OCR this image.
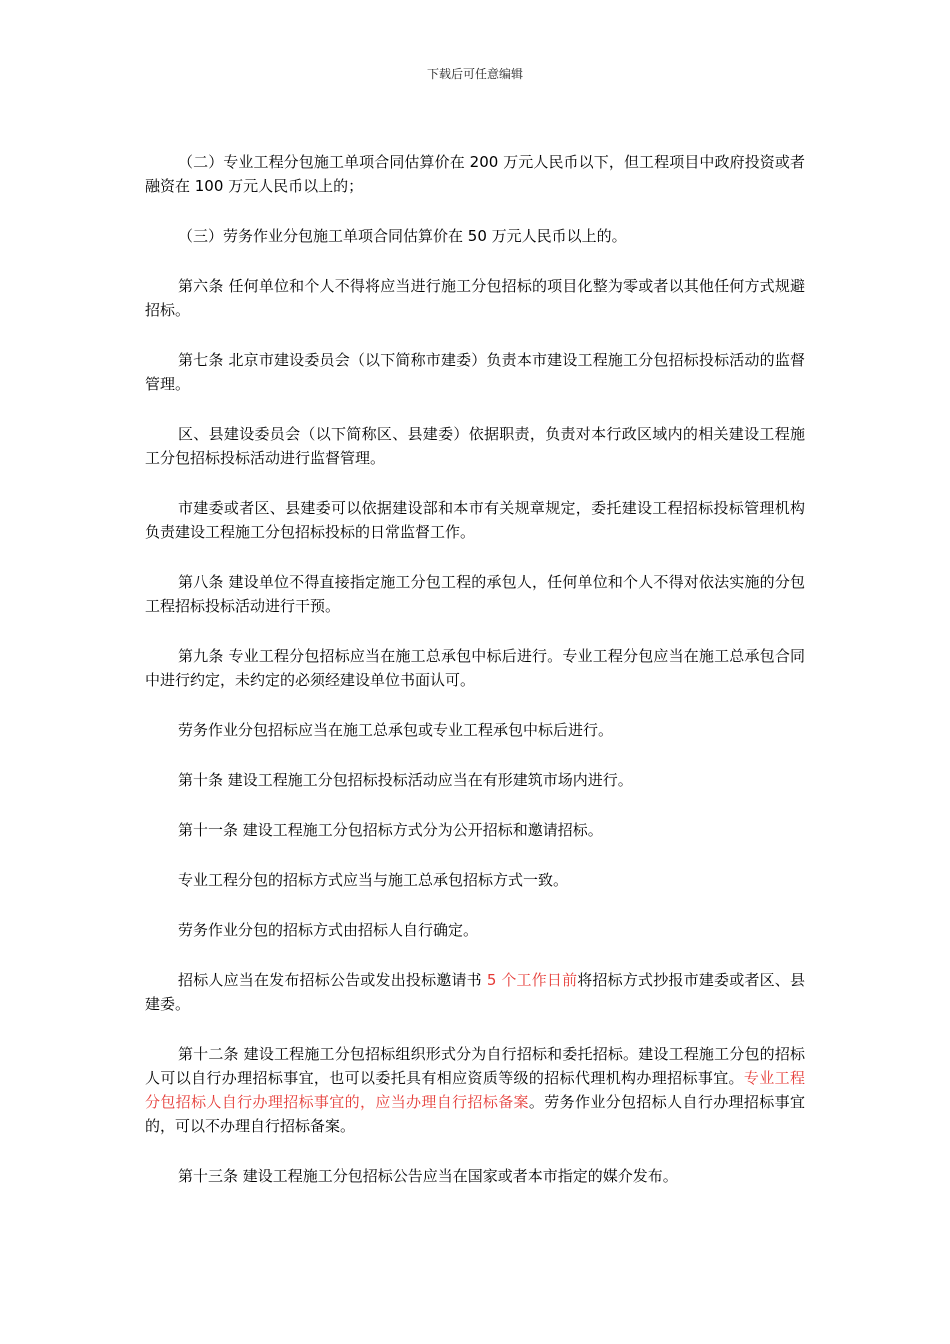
下载后可任意编辑

（二）专业工程分包施工单项合同估算价在 200 万元人民币以下，但工程项目中政府投资或者融资在 100 万元人民币以上的；

（三）劳务作业分包施工单项合同估算价在 50 万元人民币以上的。

第六条 任何单位和个人不得将应当进行施工分包招标的项目化整为零或者以其他任何方式规避招标。

第七条 北京市建设委员会（以下简称市建委）负责本市建设工程施工分包招标投标活动的监督管理。

区、县建设委员会（以下简称区、县建委）依据职责，负责对本行政区域内的相关建设工程施工分包招标投标活动进行监督管理。

市建委或者区、县建委可以依据建设部和本市有关规章规定，委托建设工程招标投标管理机构负责建设工程施工分包招标投标的日常监督工作。

第八条 建设单位不得直接指定施工分包工程的承包人，任何单位和个人不得对依法实施的分包工程招标投标活动进行干预。

第九条 专业工程分包招标应当在施工总承包中标后进行。专业工程分包应当在施工总承包合同中进行约定，未约定的必须经建设单位书面认可。

劳务作业分包招标应当在施工总承包或专业工程承包中标后进行。

第十条 建设工程施工分包招标投标活动应当在有形建筑市场内进行。

第十一条 建设工程施工分包招标方式分为公开招标和邀请招标。

专业工程分包的招标方式应当与施工总承包招标方式一致。

劳务作业分包的招标方式由招标人自行确定。

招标人应当在发布招标公告或发出投标邀请书 5 个工作日前将招标方式抄报市建委或者区、县建委。

第十二条 建设工程施工分包招标组织形式分为自行招标和委托招标。建设工程施工分包的招标人可以自行办理招标事宜，也可以委托具有相应资质等级的招标代理机构办理招标事宜。专业工程分包招标人自行办理招标事宜的，应当办理自行招标备案。劳务作业分包招标人自行办理招标事宜的，可以不办理自行招标备案。

第十三条 建设工程施工分包招标公告应当在国家或者本市指定的媒介发布。
